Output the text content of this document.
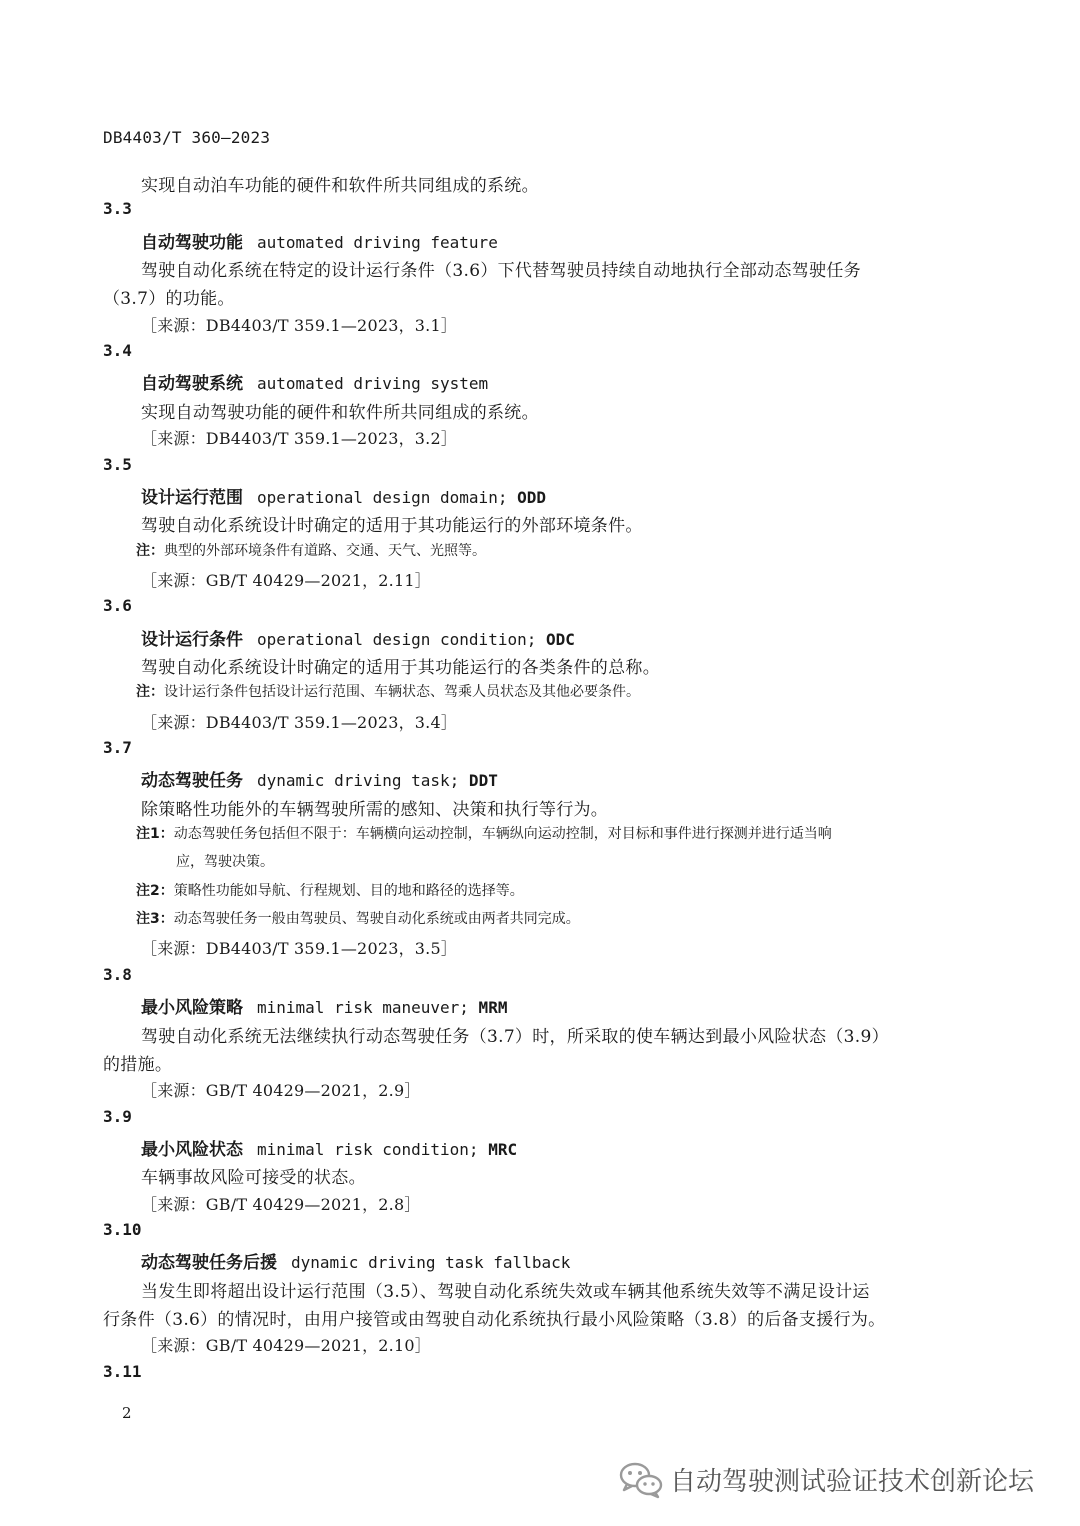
DB4403/T 360—2023
实现自动泊车功能的硬件和软件所共同组成的系统。
3.3
自动驾驶功能 automated driving feature
驾驶自动化系统在特定的设计运行条件（3.6）下代替驾驶员持续自动地执行全部动态驾驶任务
（3.7）的功能。
［来源：DB4403/T 359.1—2023，3.1］
3.4
自动驾驶系统 automated driving system
实现自动驾驶功能的硬件和软件所共同组成的系统。
［来源：DB4403/T 359.1—2023，3.2］
3.5
设计运行范围 operational design domain; ODD
驾驶自动化系统设计时确定的适用于其功能运行的外部环境条件。
注：典型的外部环境条件有道路、交通、天气、光照等。
［来源：GB/T 40429—2021，2.11］
3.6
设计运行条件 operational design condition; ODC
驾驶自动化系统设计时确定的适用于其功能运行的各类条件的总称。
注：设计运行条件包括设计运行范围、车辆状态、驾乘人员状态及其他必要条件。
［来源：DB4403/T 359.1—2023，3.4］
3.7
动态驾驶任务 dynamic driving task; DDT
除策略性功能外的车辆驾驶所需的感知、决策和执行等行为。
注1：动态驾驶任务包括但不限于：车辆横向运动控制，车辆纵向运动控制，对目标和事件进行探测并进行适当响
应，驾驶决策。
注2：策略性功能如导航、行程规划、目的地和路径的选择等。
注3：动态驾驶任务一般由驾驶员、驾驶自动化系统或由两者共同完成。
［来源：DB4403/T 359.1—2023，3.5］
3.8
最小风险策略 minimal risk maneuver; MRM
驾驶自动化系统无法继续执行动态驾驶任务（3.7）时，所采取的使车辆达到最小风险状态（3.9）
的措施。
［来源：GB/T 40429—2021，2.9］
3.9
最小风险状态 minimal risk condition; MRC
车辆事故风险可接受的状态。
［来源：GB/T 40429—2021，2.8］
3.10
动态驾驶任务后援 dynamic driving task fallback
当发生即将超出设计运行范围（3.5）、驾驶自动化系统失效或车辆其他系统失效等不满足设计运
行条件（3.6）的情况时，由用户接管或由驾驶自动化系统执行最小风险策略（3.8）的后备支援行为。
［来源：GB/T 40429—2021，2.10］
3.11
2
自动驾驶测试验证技术创新论坛
